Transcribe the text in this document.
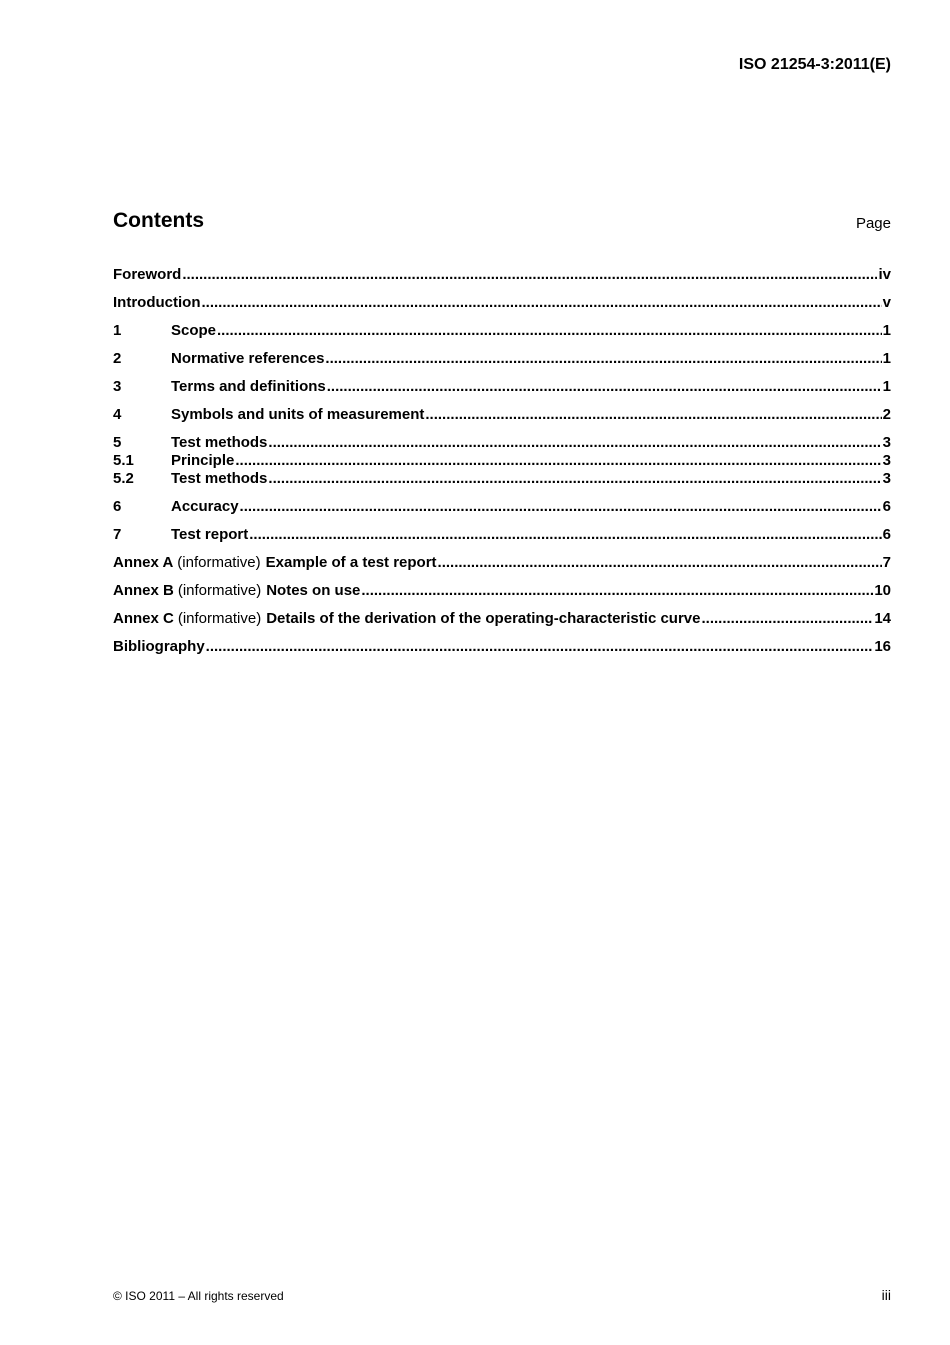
ISO 21254-3:2011(E)
Contents	Page
Foreword .....	iv
Introduction .....	v
1	Scope .....	1
2	Normative references .....	1
3	Terms and definitions .....	1
4	Symbols and units of measurement .....	2
5	Test methods .....	3
5.1	Principle .....	3
5.2	Test methods .....	3
6	Accuracy .....	6
7	Test report .....	6
Annex A (informative) Example of a test report .....	7
Annex B (informative) Notes on use .....	10
Annex C (informative) Details of the derivation of the operating-characteristic curve .....	14
Bibliography .....	16
© ISO 2011 – All rights reserved	iii
